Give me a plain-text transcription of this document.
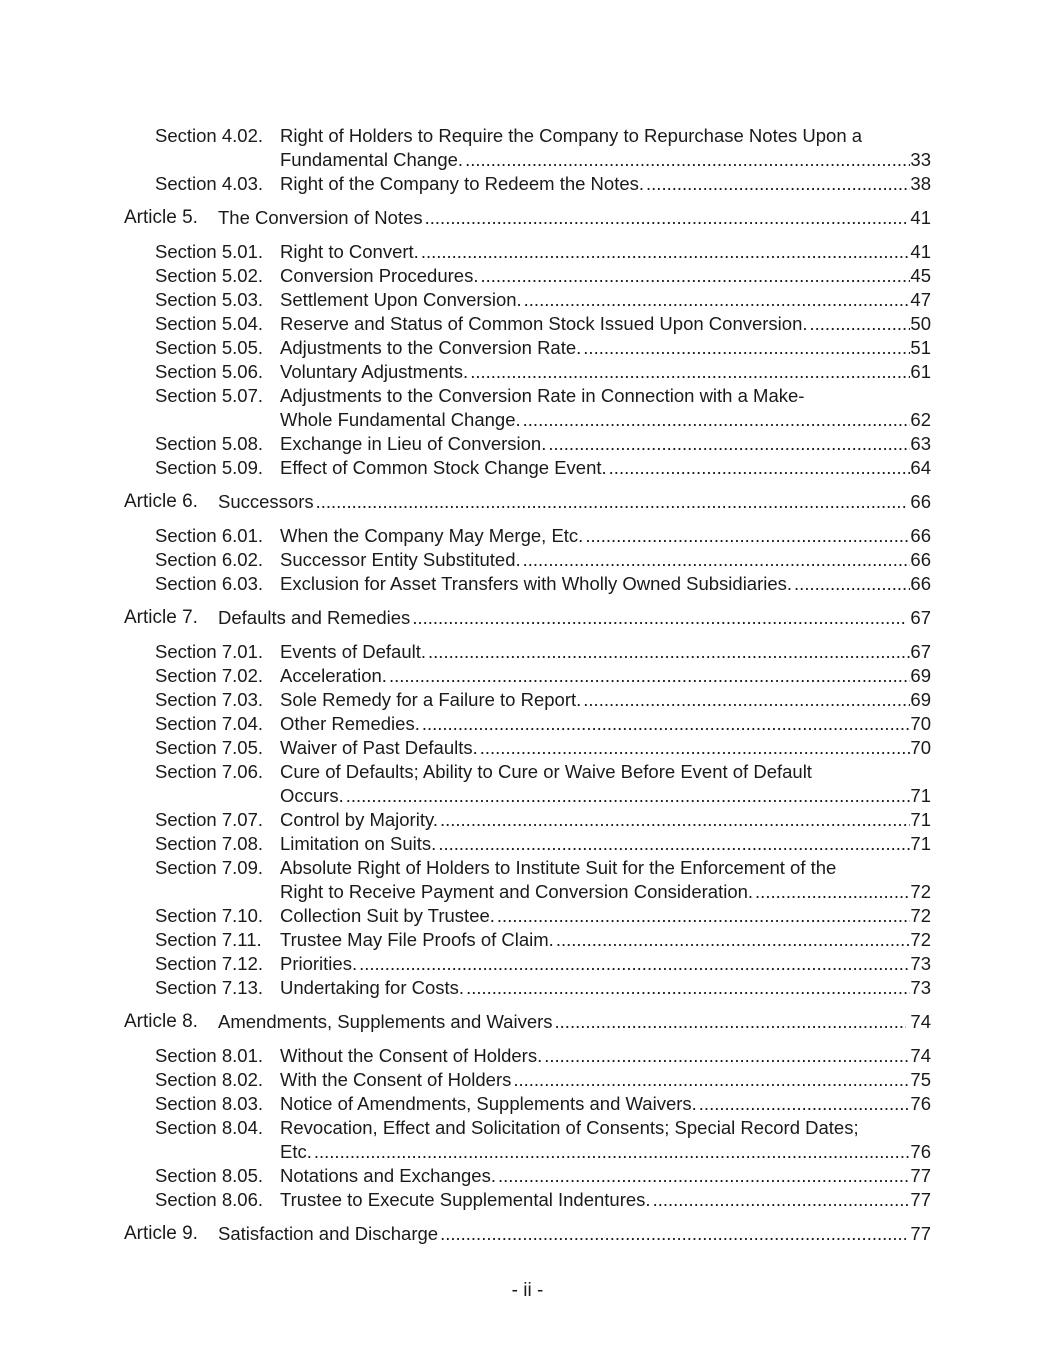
Section 4.02. Right of Holders to Require the Company to Repurchase Notes Upon a
Fundamental Change. .....	33
Section 4.03. Right of the Company to Redeem the Notes. .....	38
Article 5. The Conversion of Notes .....	41
Section 5.01. Right to Convert. .....	41
Section 5.02. Conversion Procedures. .....	45
Section 5.03. Settlement Upon Conversion. .....	47
Section 5.04. Reserve and Status of Common Stock Issued Upon Conversion. .....	50
Section 5.05. Adjustments to the Conversion Rate. .....	51
Section 5.06. Voluntary Adjustments. .....	61
Section 5.07. Adjustments to the Conversion Rate in Connection with a Make-
Whole Fundamental Change. .....	62
Section 5.08. Exchange in Lieu of Conversion. .....	63
Section 5.09. Effect of Common Stock Change Event. .....	64
Article 6. Successors .....	66
Section 6.01. When the Company May Merge, Etc. .....	66
Section 6.02. Successor Entity Substituted. .....	66
Section 6.03. Exclusion for Asset Transfers with Wholly Owned Subsidiaries. .....	66
Article 7. Defaults and Remedies .....	67
Section 7.01. Events of Default. .....	67
Section 7.02. Acceleration. .....	69
Section 7.03. Sole Remedy for a Failure to Report. .....	69
Section 7.04. Other Remedies. .....	70
Section 7.05. Waiver of Past Defaults. .....	70
Section 7.06. Cure of Defaults; Ability to Cure or Waive Before Event of Default
Occurs. .....	71
Section 7.07. Control by Majority. .....	71
Section 7.08. Limitation on Suits. .....	71
Section 7.09. Absolute Right of Holders to Institute Suit for the Enforcement of the
Right to Receive Payment and Conversion Consideration. .....	72
Section 7.10. Collection Suit by Trustee. .....	72
Section 7.11. Trustee May File Proofs of Claim. .....	72
Section 7.12. Priorities. .....	73
Section 7.13. Undertaking for Costs. .....	73
Article 8. Amendments, Supplements and Waivers .....	74
Section 8.01. Without the Consent of Holders. .....	74
Section 8.02. With the Consent of Holders .....	75
Section 8.03. Notice of Amendments, Supplements and Waivers. .....	76
Section 8.04. Revocation, Effect and Solicitation of Consents; Special Record Dates;
Etc. .....	76
Section 8.05. Notations and Exchanges. .....	77
Section 8.06. Trustee to Execute Supplemental Indentures. .....	77
Article 9. Satisfaction and Discharge .....	77
- ii -
